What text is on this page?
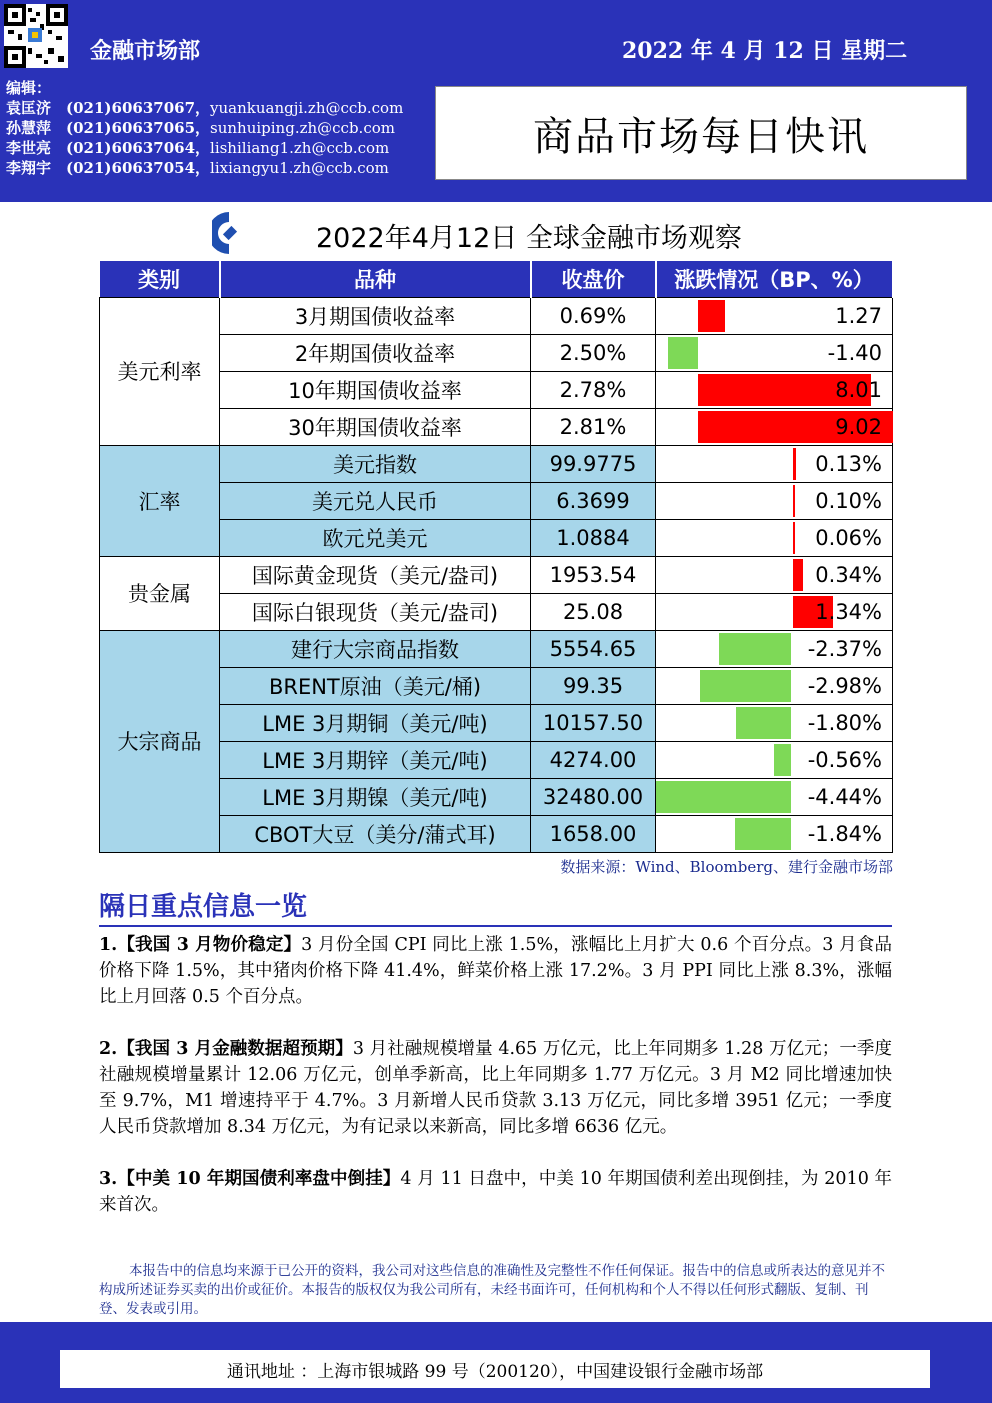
金融市场部	2022 年 4 月 12 日 星期二
编辑：
袁匡济 (021)60637067，yuankuangji.zh@ccb.com
孙慧萍 (021)60637065，sunhuiping.zh@ccb.com
李世亮 (021)60637064，lishiliang1.zh@ccb.com
李翔宇 (021)60637054，lixiangyu1.zh@ccb.com
商品市场每日快讯
2022年4月12日 全球金融市场观察
类别	品种	收盘价	涨跌情况（BP、%）
美元利率	3月期国债收益率	0.69%	1.27

	2年期国债收益率	2.50%	-1.40

	10年期国债收益率	2.78%	8.01

	30年期国债收益率	2.81%	9.02

汇率	美元指数	99.9775	0.13%

	美元兑人民币	6.3699	0.10%

	欧元兑美元	1.0884	0.06%

贵金属	国际黄金现货（美元/盎司)	1953.54	0.34%

	国际白银现货（美元/盎司)	25.08	1.34%

大宗商品	建行大宗商品指数	5554.65	-2.37%

	BRENT原油（美元/桶)	99.35	-2.98%

	LME 3月期铜（美元/吨)	10157.50	-1.80%

	LME 3月期锌（美元/吨)	4274.00	-0.56%

	LME 3月期镍（美元/吨)	32480.00	-4.44%

	CBOT大豆（美分/蒲式耳)	1658.00	-1.84%
数据来源：Wind、Bloomberg、建行金融市场部
隔日重点信息一览
1.【我国 3 月物价稳定】3 月份全国 CPI 同比上涨 1.5%，涨幅比上月扩大 0.6 个百分点。3 月食品价格下降 1.5%，其中猪肉价格下降 41.4%，鲜菜价格上涨 17.2%。3 月 PPI 同比上涨 8.3%，涨幅比上月回落 0.5 个百分点。
2.【我国 3 月金融数据超预期】3 月社融规模增量 4.65 万亿元，比上年同期多 1.28 万亿元；一季度社融规模增量累计 12.06 万亿元，创单季新高，比上年同期多 1.77 万亿元。3 月 M2 同比增速加快至 9.7%，M1 增速持平于 4.7%。3 月新增人民币贷款 3.13 万亿元，同比多增 3951 亿元；一季度人民币贷款增加 8.34 万亿元，为有记录以来新高，同比多增 6636 亿元。
3.【中美 10 年期国债利率盘中倒挂】4 月 11 日盘中，中美 10 年期国债利差出现倒挂，为 2010 年来首次。
本报告中的信息均来源于已公开的资料，我公司对这些信息的准确性及完整性不作任何保证。报告中的信息或所表达的意见并不构成所述证券买卖的出价或征价。本报告的版权仅为我公司所有，未经书面许可，任何机构和个人不得以任何形式翻版、复制、刊登、发表或引用。
通讯地址 ：上海市银城路 99 号（200120），中国建设银行金融市场部
